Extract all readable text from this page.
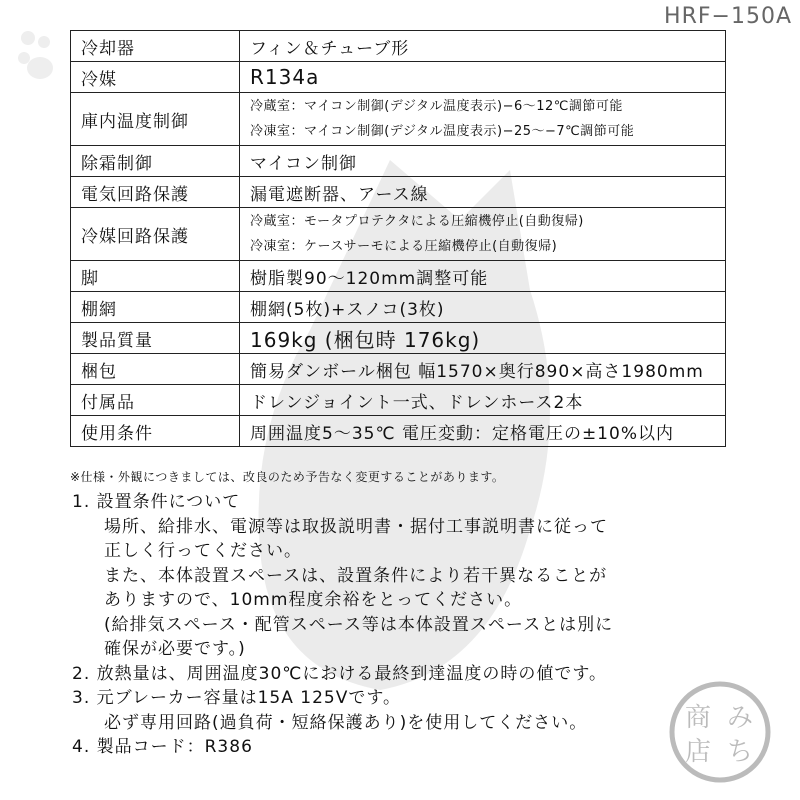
HRF−150A
冷却器	フィン＆チューブ形
冷媒	R134a
庫内温度制御	冷蔵室：マイコン制御(デジタル温度表示)−6〜12℃調節可能
冷凍室：マイコン制御(デジタル温度表示)−25〜−7℃調節可能

除霜制御	マイコン制御
電気回路保護	漏電遮断器、アース線
冷媒回路保護	冷蔵室：モータプロテクタによる圧縮機停止(自動復帰)
冷凍室：ケースサーモによる圧縮機停止(自動復帰)

脚	樹脂製90〜120mm調整可能
棚網	棚網(5枚)+スノコ(3枚)
製品質量	169kg (梱包時 176kg)
梱包	簡易ダンボール梱包 幅1570×奥行890×高さ1980mm
付属品	ドレンジョイント一式、ドレンホース2本
使用条件	周囲温度5〜35℃ 電圧変動：定格電圧の±10%以内
※仕様・外観につきましては、改良のため予告なく変更することがあります。
1. 設置条件について
場所、給排水、電源等は取扱説明書・据付工事説明書に従って
正しく行ってください。
また、本体設置スペースは、設置条件により若干異なることが
ありますので、10mm程度余裕をとってください。
(給排気スペース・配管スペース等は本体設置スペースとは別に
確保が必要です。)
2. 放熱量は、周囲温度30℃における最終到達温度の時の値です。
3. 元ブレーカー容量は15A 125Vです。
必ず専用回路(過負荷・短絡保護あり)を使用してください。
4. 製品コード：R386
商
店
み
ち
